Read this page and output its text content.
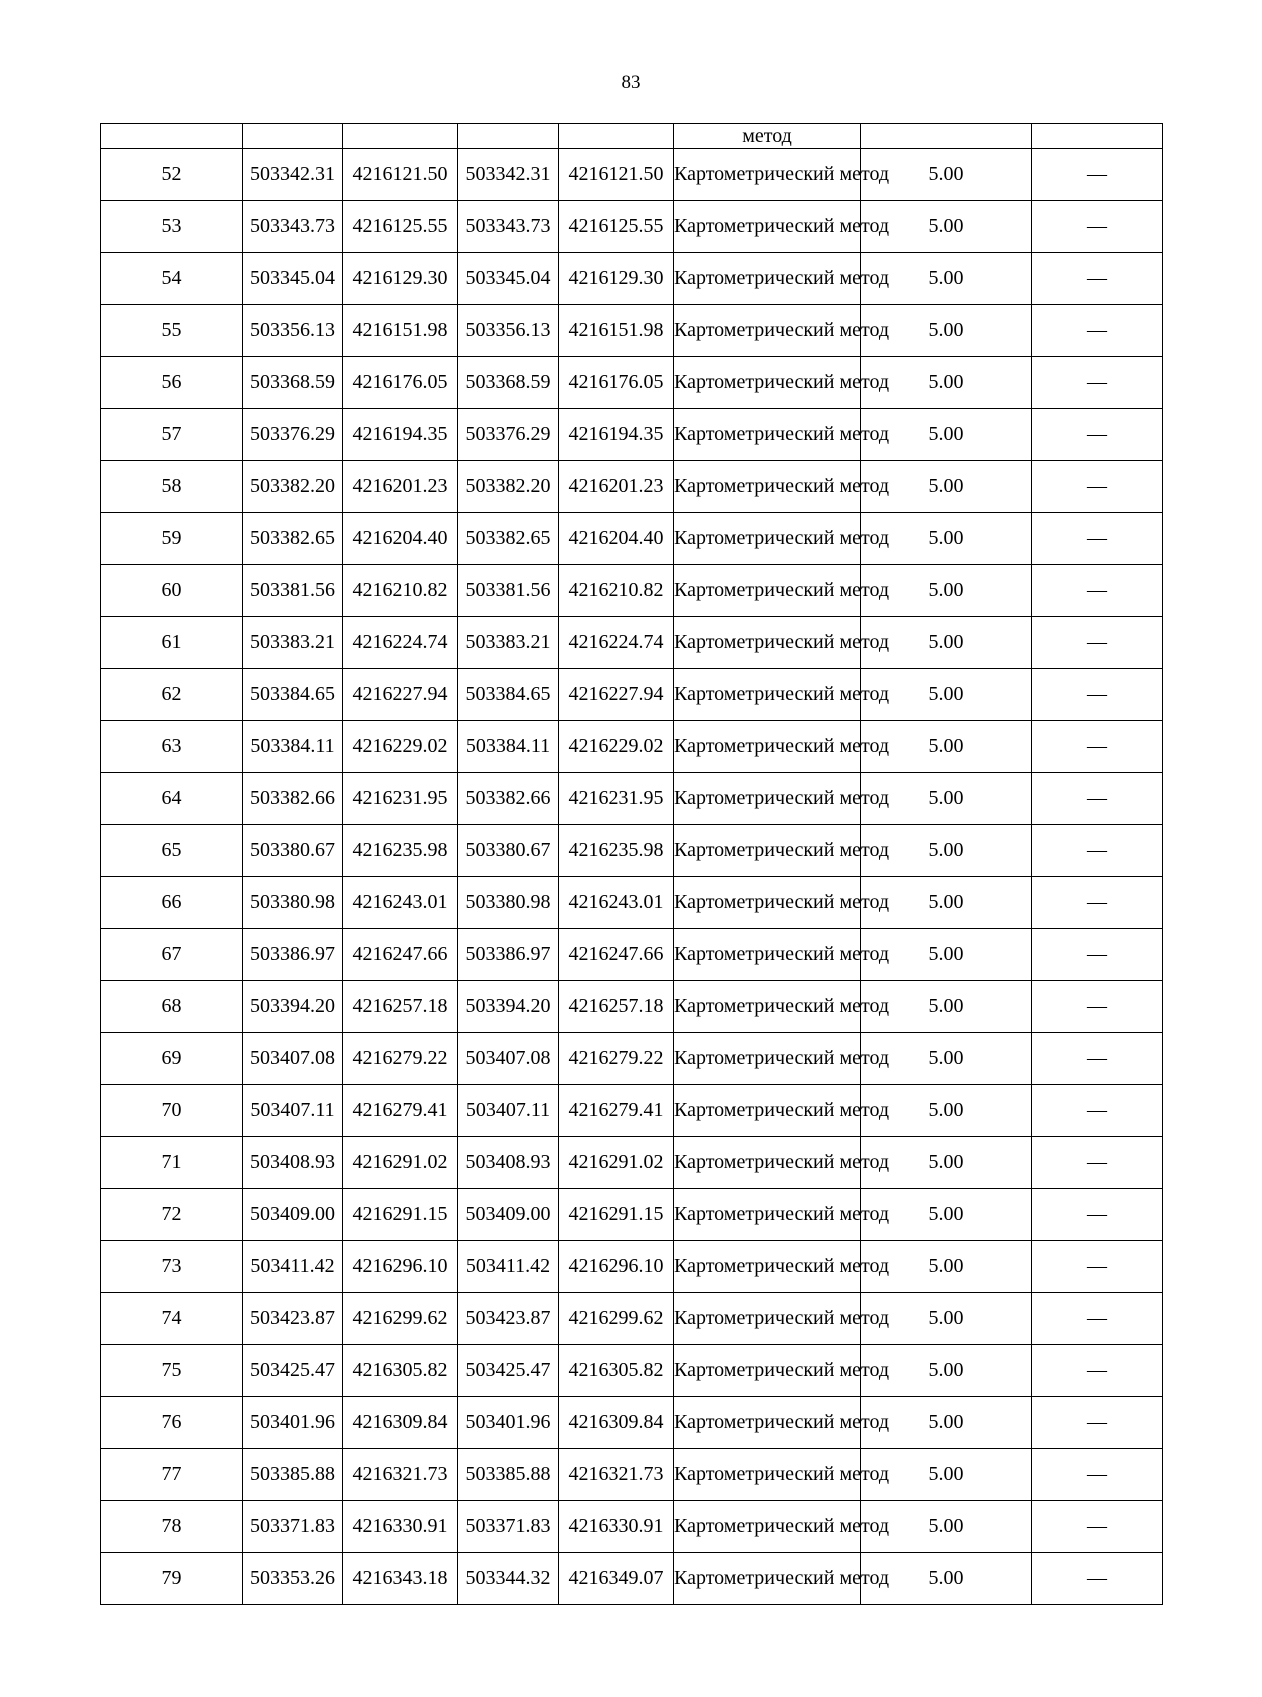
83
					метод		
52	503342.31	4216121.50	503342.31	4216121.50	Картометрический метод	5.00	—
53	503343.73	4216125.55	503343.73	4216125.55	Картометрический метод	5.00	—
54	503345.04	4216129.30	503345.04	4216129.30	Картометрический метод	5.00	—
55	503356.13	4216151.98	503356.13	4216151.98	Картометрический метод	5.00	—
56	503368.59	4216176.05	503368.59	4216176.05	Картометрический метод	5.00	—
57	503376.29	4216194.35	503376.29	4216194.35	Картометрический метод	5.00	—
58	503382.20	4216201.23	503382.20	4216201.23	Картометрический метод	5.00	—
59	503382.65	4216204.40	503382.65	4216204.40	Картометрический метод	5.00	—
60	503381.56	4216210.82	503381.56	4216210.82	Картометрический метод	5.00	—
61	503383.21	4216224.74	503383.21	4216224.74	Картометрический метод	5.00	—
62	503384.65	4216227.94	503384.65	4216227.94	Картометрический метод	5.00	—
63	503384.11	4216229.02	503384.11	4216229.02	Картометрический метод	5.00	—
64	503382.66	4216231.95	503382.66	4216231.95	Картометрический метод	5.00	—
65	503380.67	4216235.98	503380.67	4216235.98	Картометрический метод	5.00	—
66	503380.98	4216243.01	503380.98	4216243.01	Картометрический метод	5.00	—
67	503386.97	4216247.66	503386.97	4216247.66	Картометрический метод	5.00	—
68	503394.20	4216257.18	503394.20	4216257.18	Картометрический метод	5.00	—
69	503407.08	4216279.22	503407.08	4216279.22	Картометрический метод	5.00	—
70	503407.11	4216279.41	503407.11	4216279.41	Картометрический метод	5.00	—
71	503408.93	4216291.02	503408.93	4216291.02	Картометрический метод	5.00	—
72	503409.00	4216291.15	503409.00	4216291.15	Картометрический метод	5.00	—
73	503411.42	4216296.10	503411.42	4216296.10	Картометрический метод	5.00	—
74	503423.87	4216299.62	503423.87	4216299.62	Картометрический метод	5.00	—
75	503425.47	4216305.82	503425.47	4216305.82	Картометрический метод	5.00	—
76	503401.96	4216309.84	503401.96	4216309.84	Картометрический метод	5.00	—
77	503385.88	4216321.73	503385.88	4216321.73	Картометрический метод	5.00	—
78	503371.83	4216330.91	503371.83	4216330.91	Картометрический метод	5.00	—
79	503353.26	4216343.18	503344.32	4216349.07	Картометрический метод	5.00	—
